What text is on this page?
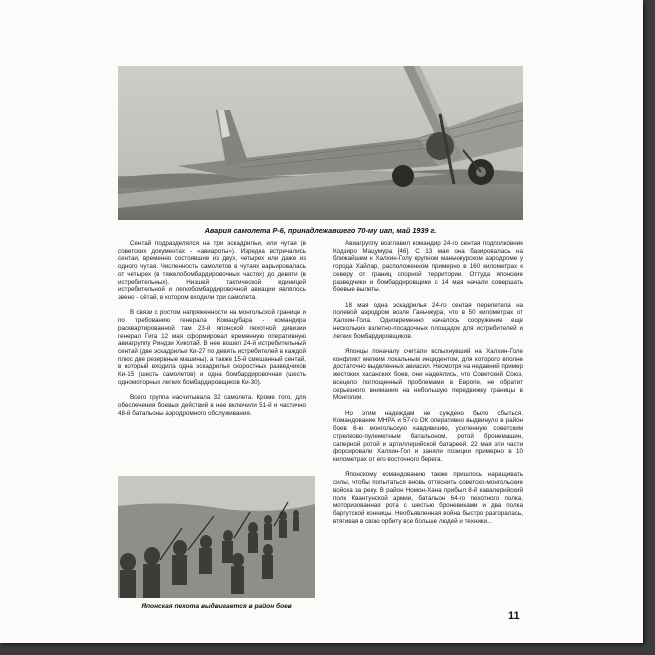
Авария самолета Р-6, принадлежавшего 70-му иап, май 1939 г.

Сентай подразделялся на три эскадрильи, или чутая (в советских документах - «авиароты»). Изредка встречались сентаи, временно состоявшие из двух, четырех или даже из одного чутая. Численность самолетов в чутаях варьировалась от четырех (в тяжелобомбардировочных частях) до девяти (в истребительных). Низшей тактической единицей истребительной и легкобомбардировочной авиации являлось звено - сётай, в котором входили три самолета.

В связи с ростом напряженности на монгольской границе и по требованию генерала Комацубара - командира расквартированной там 23-й японской пехотной дивизии генерал Гига 12 мая сформировал временную оперативную авиагруппу Риндзи Хикотай. В нее вошел 24-й истребительный сентай (две эскадрильи Ки-27 по девять истребителей в каждой плюс две резервные машины), а также 15-й смешанный сентай, в который входила одна эскадрилья скоростных разведчиков Ки-15 (шесть самолетов) и одна бомбардировочная (шесть одномоторных легких бомбардировщиков Ки-30).

Всего группа насчитывала 32 самолета. Кроме того, для обеспечения боевых действий в нее включили 51-й и частично 48-й батальоны аэродромного обслуживания.

Авиагруппу возглавил командир 24-го сентая подполковник Кодзиро Мацумура [46]. С 13 мая она базировалась на ближайшем к Халхин-Голу крупном маньчжурском аэродроме у города Хайлар, расположенном примерно в 160 километрах к северу от границ спорной территории. Оттуда японские разведчики и бомбардировщики с 14 мая начали совершать боевые вылеты.

18 мая одна эскадрилья 24-го сентая перелетела на полевой аэродром возле Ганьчжура, что в 50 километрах от Халхин-Гола. Одновременно началось сооружение еще нескольких взлетно-посадочных площадок для истребителей и легких бомбардировщиков.

Японцы поначалу считали вспыхнувший на Халхин-Голе конфликт мелким локальным инцидентом, для которого вполне достаточно выделенных авиасил. Несмотря на недавний пример жестоких хасанских боев, они надеялись, что Советский Союз, всецело поглощенный проблемами в Европе, не обратит серьезного внимания на небольшую передвижку границы в Монголии.

Но этим надеждам не суждено было сбыться. Командование МНРА и 57-го ОК оперативно выдвинуло в район боев 6-ю монгольскую кавдивизию, усиленную советским стрелково-пулеметным батальоном, ротой бронемашин, саперной ротой и артиллерийской батареей. 22 мая эти части форсировали Халхин-Гол и заняли позиции примерно в 10 километрах от его восточного берега.

Японскому командованию также пришлось наращивать силы, чтобы попытаться вновь оттеснить советско-монгольские войска за реку. В район Номон-Хана прибыл 8-й кавалерийский полк Квантунской армии, батальон 64-го пехотного полка, моторизованная рота с шестью броневиками и два полка баргутской конницы. Необъявленная война быстро разгоралась, втягивая в свою орбиту все больше людей и техники...

Японская пехота выдвигается в район боев
11
